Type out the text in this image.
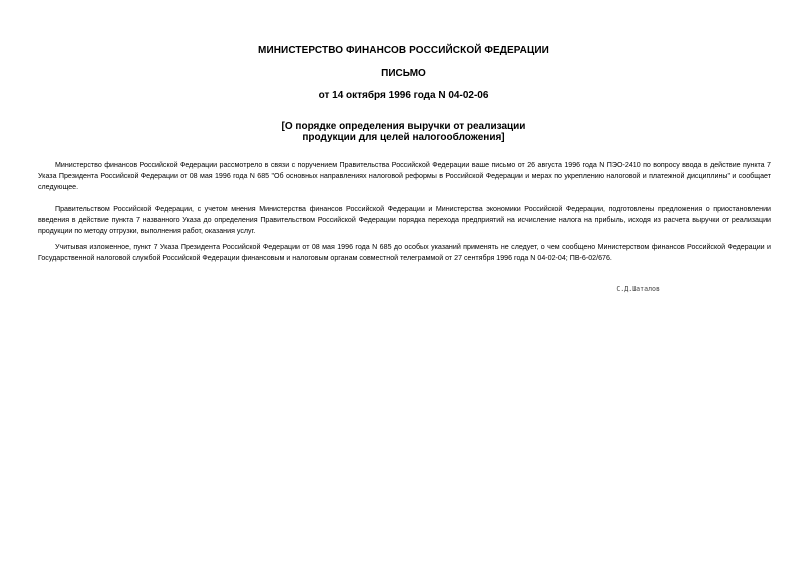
МИНИСТЕРСТВО ФИНАНСОВ РОССИЙСКОЙ ФЕДЕРАЦИИ
ПИСЬМО
от 14 октября 1996 года N 04-02-06
[О порядке определения выручки от реализации
продукции для целей налогообложения]

Министерство финансов Российской Федерации рассмотрело в связи с поручением Правительства Российской Федерации ваше письмо от 26 августа 1996 года N ПЭО-2410 по вопросу ввода в действие пункта 7 Указа Президента Российской Федерации от 08 мая 1996 года N 685 "Об основных направлениях налоговой реформы в Российской Федерации и мерах по укреплению налоговой и платежной дисциплины" и сообщает следующее.

Правительством Российской Федерации, с учетом мнения Министерства финансов Российской Федерации и Министерства экономики Российской Федерации, подготовлены предложения о приостановлении введения в действие пункта 7 названного Указа до определения Правительством Российской Федерации порядка перехода предприятий на исчисление налога на прибыль, исходя из расчета выручки от реализации продукции по методу отгрузки, выполнения работ, оказания услуг.

Учитывая изложенное, пункт 7 Указа Президента Российской Федерации от 08 мая 1996 года N 685 до особых указаний применять не следует, о чем сообщено Министерством финансов Российской Федерации и Государственной налоговой службой Российской Федерации финансовым и налоговым органам совместной телеграммой от 27 сентября 1996 года N 04-02-04; ПВ-6-02/676.

С.Д.Шаталов
